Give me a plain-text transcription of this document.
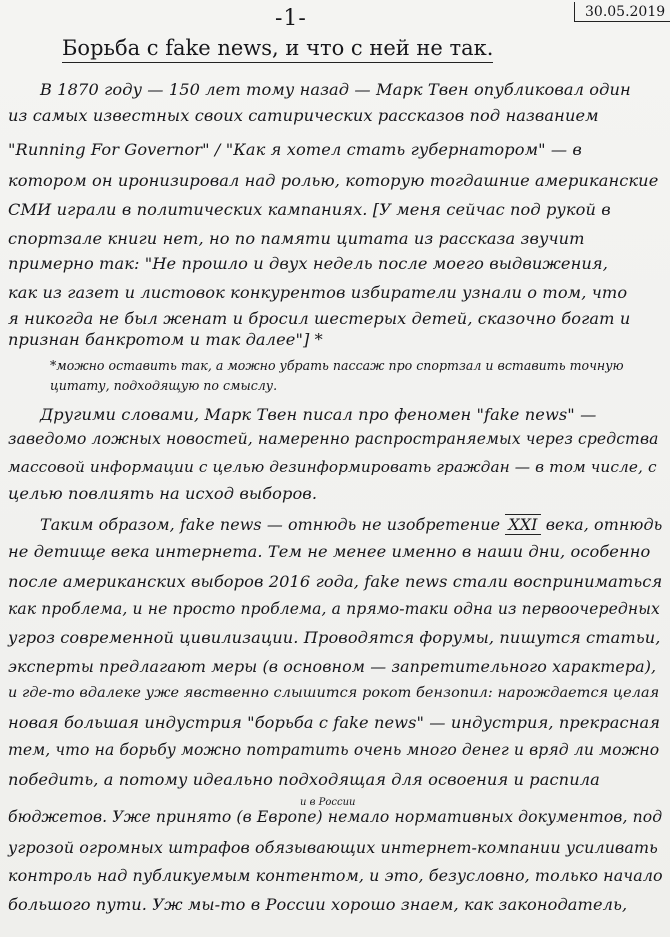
-1-	30.05.2019
Борьба с fake news, и что с ней не так.
В 1870 году — 150 лет тому назад — Марк Твен опубликовал один
из самых известных своих сатирических рассказов под названием
"Running For Governor" / "Как я хотел стать губернатором" — в
котором он иронизировал над ролью, которую тогдашние американские
СМИ играли в политических кампаниях. [У меня сейчас под рукой в
спортзале книги нет, но по памяти цитата из рассказа звучит
примерно так: "Не прошло и двух недель после моего выдвижения,
как из газет и листовок конкурентов избиратели узнали о том, что
я никогда не был женат и бросил шестерых детей, сказочно богат и
признан банкротом и так далее"] *
*можно оставить так, а можно убрать пассаж про спортзал и вставить точную
цитату, подходящую по смыслу.
Другими словами, Марк Твен писал про феномен "fake news" —
заведомо ложных новостей, намеренно распространяемых через средства
массовой информации с целью дезинформировать граждан — в том числе, с
целью повлиять на исход выборов.
Таким образом, fake news — отнюдь не изобретение XXI века, отнюдь
не детище века интернета. Тем не менее именно в наши дни, особенно
после американских выборов 2016 года, fake news стали восприниматься
как проблема, и не просто проблема, а прямо-таки одна из первоочередных
угроз современной цивилизации. Проводятся форумы, пишутся статьи,
эксперты предлагают меры (в основном — запретительного характера),
и где-то вдалеке уже явственно слышится рокот бензопил: нарождается целая
новая большая индустрия "борьба с fake news" — индустрия, прекрасная
тем, что на борьбу можно потратить очень много денег и вряд ли можно
победить, а потому идеально подходящая для освоения и распила
и в России
бюджетов. Уже принято (в Европе) немало нормативных документов, под
угрозой огромных штрафов обязывающих интернет-компании усиливать
контроль над публикуемым контентом, и это, безусловно, только начало
большого пути. Уж мы-то в России хорошо знаем, как законодатель,
